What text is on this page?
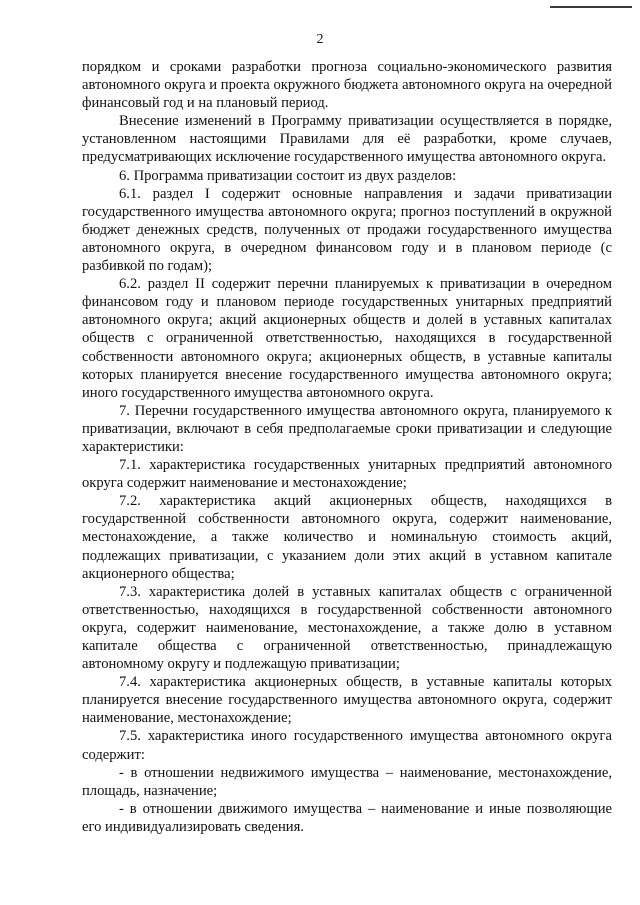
2

порядком и сроками разработки прогноза социально-экономического развития автономного округа и проекта окружного бюджета автономного округа на очередной финансовый год и на плановый период.

Внесение изменений в Программу приватизации осуществляется в порядке, установленном настоящими Правилами для её разработки, кроме случаев, предусматривающих исключение государственного имущества автономного округа.

6. Программа приватизации состоит из двух разделов:

6.1. раздел I содержит основные направления и задачи приватизации государственного имущества автономного округа; прогноз поступлений в окружной бюджет денежных средств, полученных от продажи государственного имущества автономного округа, в очередном финансовом году и в плановом периоде (с разбивкой по годам);

6.2. раздел II содержит перечни планируемых к приватизации в очередном финансовом году и плановом периоде государственных унитарных предприятий автономного округа; акций акционерных обществ и долей в уставных капиталах обществ с ограниченной ответственностью, находящихся в государственной собственности автономного округа; акционерных обществ, в уставные капиталы которых планируется внесение государственного имущества автономного округа; иного государственного имущества автономного округа.

7. Перечни государственного имущества автономного округа, планируемого к приватизации, включают в себя предполагаемые сроки приватизации и следующие характеристики:

7.1. характеристика государственных унитарных предприятий автономного округа содержит наименование и местонахождение;

7.2. характеристика акций акционерных обществ, находящихся в государственной собственности автономного округа, содержит наименование, местонахождение, а также количество и номинальную стоимость акций, подлежащих приватизации, с указанием доли этих акций в уставном капитале акционерного общества;

7.3. характеристика долей в уставных капиталах обществ с ограниченной ответственностью, находящихся в государственной собственности автономного округа, содержит наименование, местонахождение, а также долю в уставном капитале общества с ограниченной ответственностью, принадлежащую автономному округу и подлежащую приватизации;

7.4. характеристика акционерных обществ, в уставные капиталы которых планируется внесение государственного имущества автономного округа, содержит наименование, местонахождение;

7.5. характеристика иного государственного имущества автономного округа содержит:

- в отношении недвижимого имущества – наименование, местонахождение, площадь, назначение;

- в отношении движимого имущества – наименование и иные позволяющие его индивидуализировать сведения.
